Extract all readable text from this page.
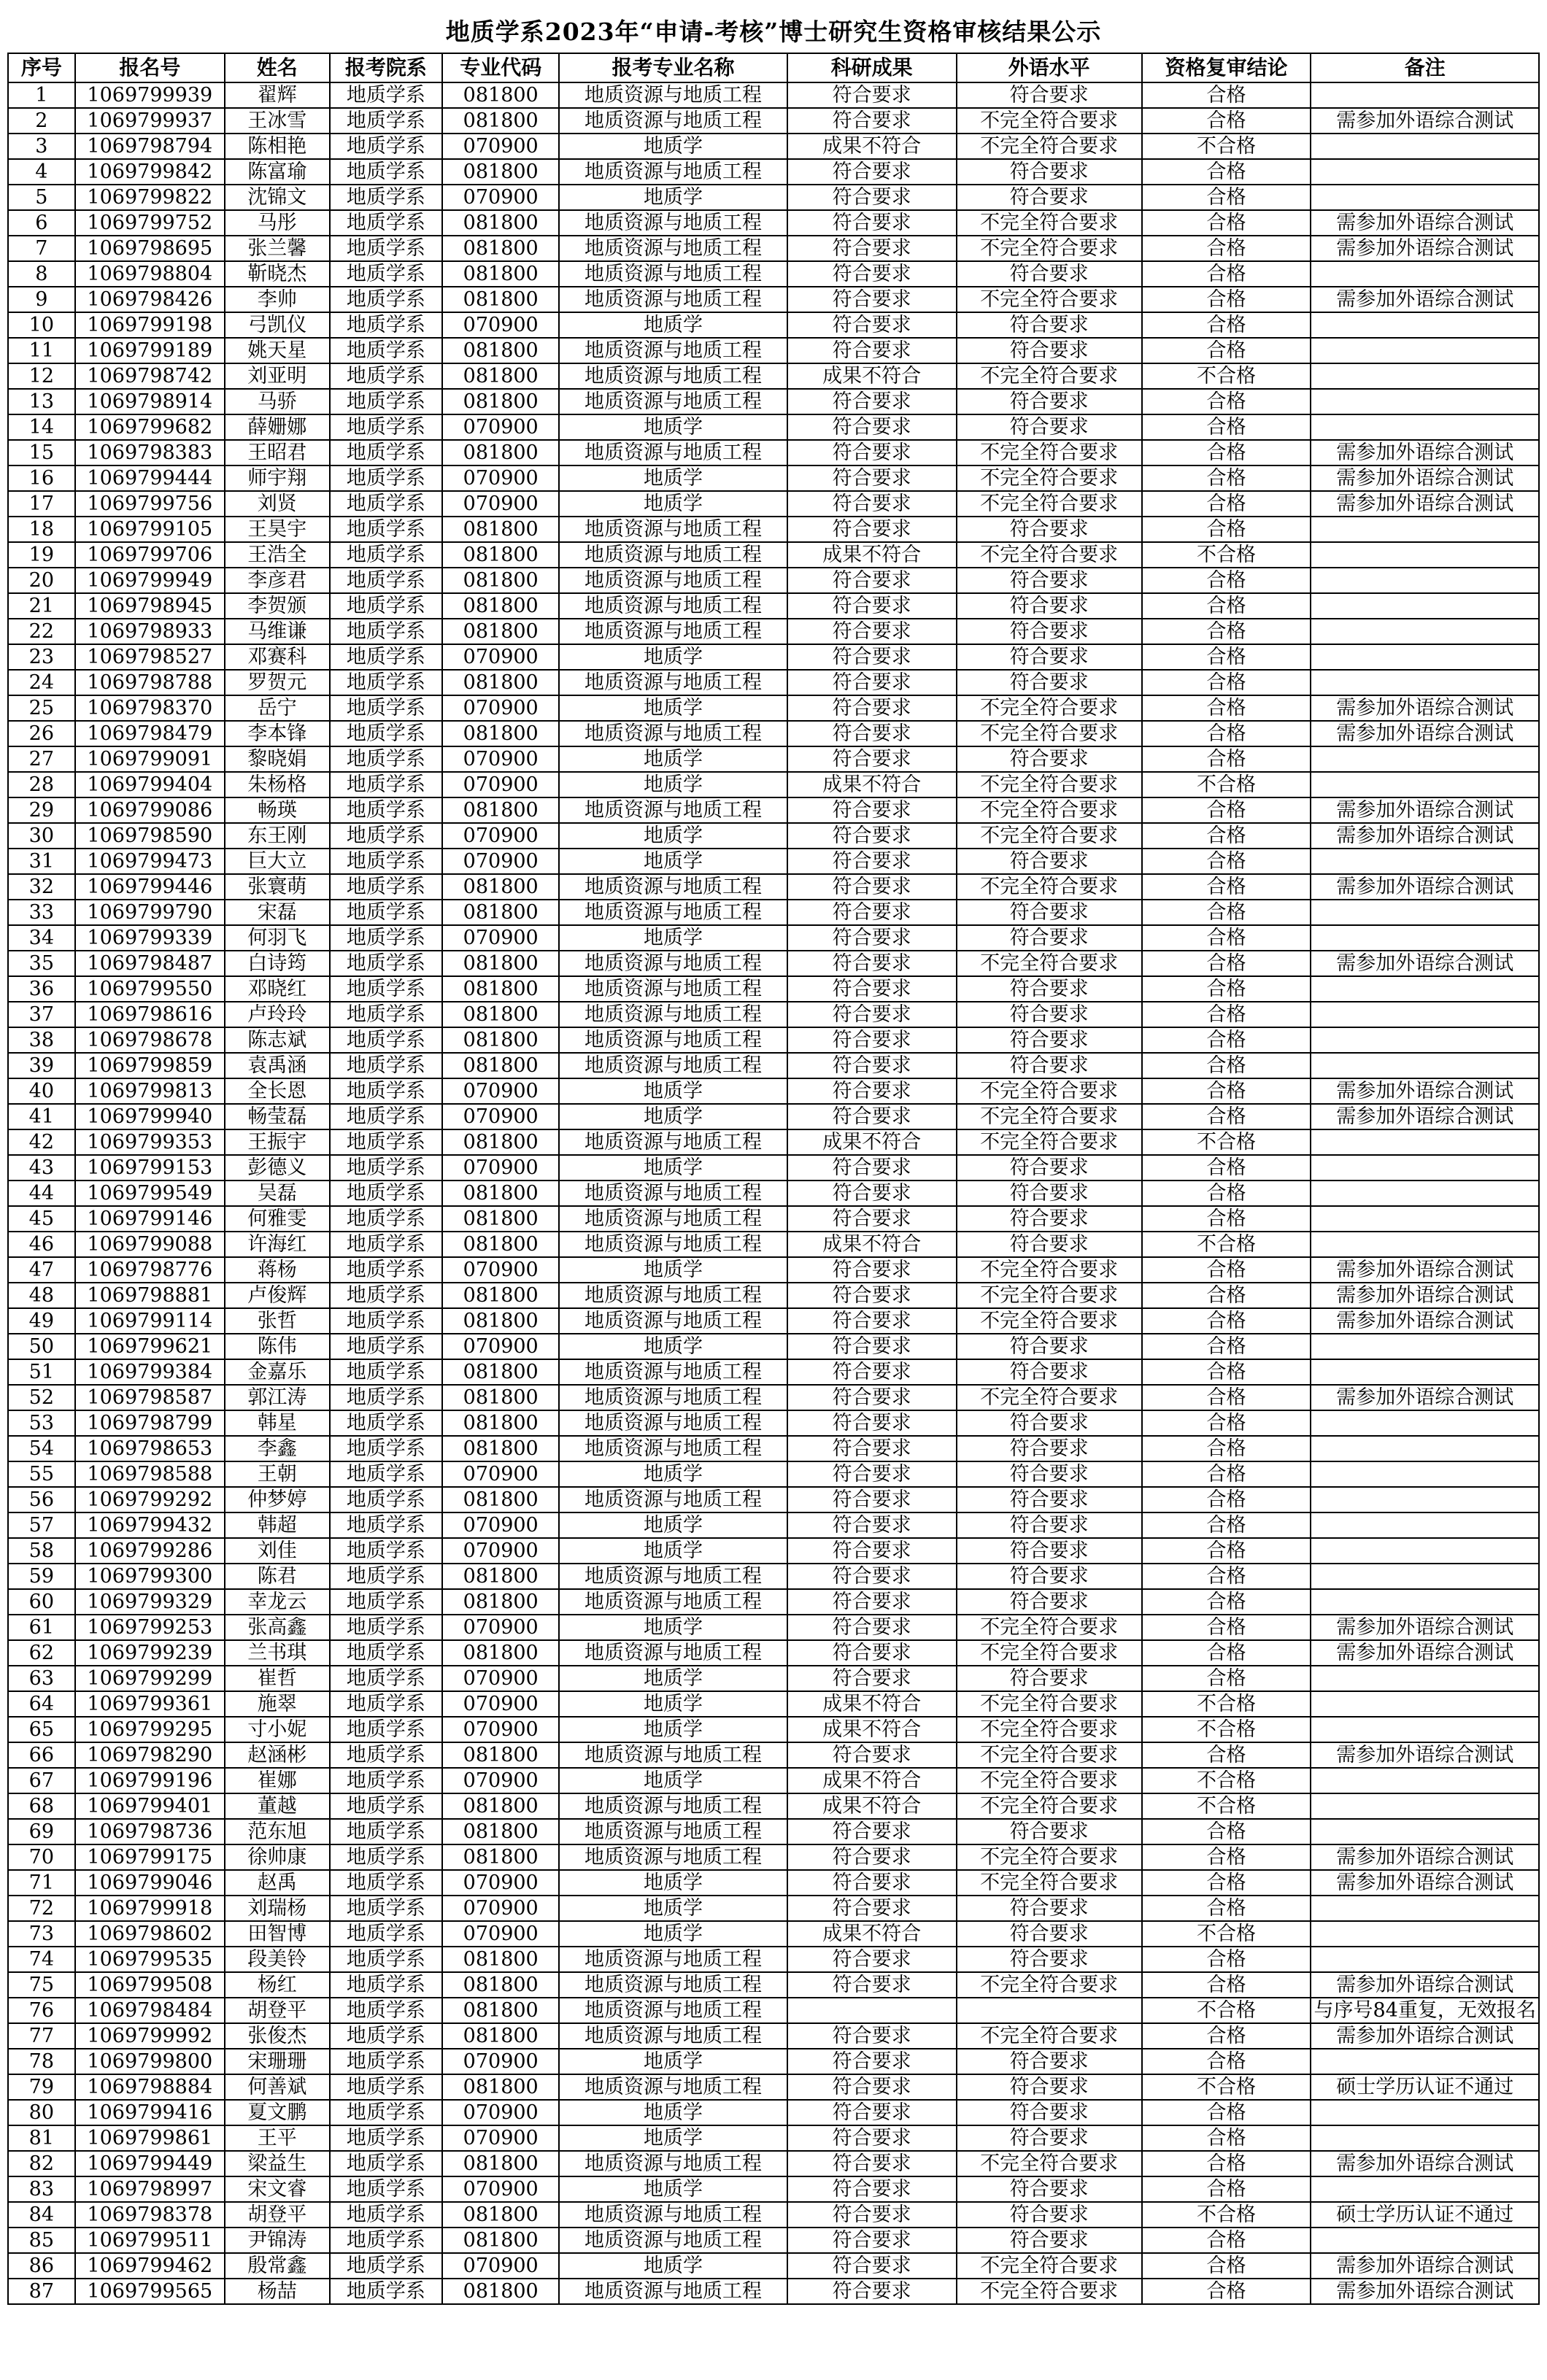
地质学系2023年“申请-考核”博士研究生资格审核结果公示
序号	报名号	姓名	报考院系	专业代码	报考专业名称	科研成果	外语水平	资格复审结论	备注
1	1069799939	翟辉	地质学系	081800	地质资源与地质工程	符合要求	符合要求	合格	
2	1069799937	王冰雪	地质学系	081800	地质资源与地质工程	符合要求	不完全符合要求	合格	需参加外语综合测试
3	1069798794	陈相艳	地质学系	070900	地质学	成果不符合	不完全符合要求	不合格	
4	1069799842	陈富瑜	地质学系	081800	地质资源与地质工程	符合要求	符合要求	合格	
5	1069799822	沈锦文	地质学系	070900	地质学	符合要求	符合要求	合格	
6	1069799752	马彤	地质学系	081800	地质资源与地质工程	符合要求	不完全符合要求	合格	需参加外语综合测试
7	1069798695	张兰馨	地质学系	081800	地质资源与地质工程	符合要求	不完全符合要求	合格	需参加外语综合测试
8	1069798804	靳晓杰	地质学系	081800	地质资源与地质工程	符合要求	符合要求	合格	
9	1069798426	李帅	地质学系	081800	地质资源与地质工程	符合要求	不完全符合要求	合格	需参加外语综合测试
10	1069799198	弓凯仪	地质学系	070900	地质学	符合要求	符合要求	合格	
11	1069799189	姚天星	地质学系	081800	地质资源与地质工程	符合要求	符合要求	合格	
12	1069798742	刘亚明	地质学系	081800	地质资源与地质工程	成果不符合	不完全符合要求	不合格	
13	1069798914	马骄	地质学系	081800	地质资源与地质工程	符合要求	符合要求	合格	
14	1069799682	薛姗娜	地质学系	070900	地质学	符合要求	符合要求	合格	
15	1069798383	王昭君	地质学系	081800	地质资源与地质工程	符合要求	不完全符合要求	合格	需参加外语综合测试
16	1069799444	师宇翔	地质学系	070900	地质学	符合要求	不完全符合要求	合格	需参加外语综合测试
17	1069799756	刘贤	地质学系	070900	地质学	符合要求	不完全符合要求	合格	需参加外语综合测试
18	1069799105	王昊宇	地质学系	081800	地质资源与地质工程	符合要求	符合要求	合格	
19	1069799706	王浩全	地质学系	081800	地质资源与地质工程	成果不符合	不完全符合要求	不合格	
20	1069799949	李彦君	地质学系	081800	地质资源与地质工程	符合要求	符合要求	合格	
21	1069798945	李贺颁	地质学系	081800	地质资源与地质工程	符合要求	符合要求	合格	
22	1069798933	马维谦	地质学系	081800	地质资源与地质工程	符合要求	符合要求	合格	
23	1069798527	邓赛科	地质学系	070900	地质学	符合要求	符合要求	合格	
24	1069798788	罗贺元	地质学系	081800	地质资源与地质工程	符合要求	符合要求	合格	
25	1069798370	岳宁	地质学系	070900	地质学	符合要求	不完全符合要求	合格	需参加外语综合测试
26	1069798479	李本锋	地质学系	081800	地质资源与地质工程	符合要求	不完全符合要求	合格	需参加外语综合测试
27	1069799091	黎晓娟	地质学系	070900	地质学	符合要求	符合要求	合格	
28	1069799404	朱杨格	地质学系	070900	地质学	成果不符合	不完全符合要求	不合格	
29	1069799086	畅瑛	地质学系	081800	地质资源与地质工程	符合要求	不完全符合要求	合格	需参加外语综合测试
30	1069798590	东王刚	地质学系	070900	地质学	符合要求	不完全符合要求	合格	需参加外语综合测试
31	1069799473	巨大立	地质学系	070900	地质学	符合要求	符合要求	合格	
32	1069799446	张寰萌	地质学系	081800	地质资源与地质工程	符合要求	不完全符合要求	合格	需参加外语综合测试
33	1069799790	宋磊	地质学系	081800	地质资源与地质工程	符合要求	符合要求	合格	
34	1069799339	何羽飞	地质学系	070900	地质学	符合要求	符合要求	合格	
35	1069798487	白诗筠	地质学系	081800	地质资源与地质工程	符合要求	不完全符合要求	合格	需参加外语综合测试
36	1069799550	邓晓红	地质学系	081800	地质资源与地质工程	符合要求	符合要求	合格	
37	1069798616	卢玲玲	地质学系	081800	地质资源与地质工程	符合要求	符合要求	合格	
38	1069798678	陈志斌	地质学系	081800	地质资源与地质工程	符合要求	符合要求	合格	
39	1069799859	袁禹涵	地质学系	081800	地质资源与地质工程	符合要求	符合要求	合格	
40	1069799813	全长恩	地质学系	070900	地质学	符合要求	不完全符合要求	合格	需参加外语综合测试
41	1069799940	畅莹磊	地质学系	070900	地质学	符合要求	不完全符合要求	合格	需参加外语综合测试
42	1069799353	王振宇	地质学系	081800	地质资源与地质工程	成果不符合	不完全符合要求	不合格	
43	1069799153	彭德义	地质学系	070900	地质学	符合要求	符合要求	合格	
44	1069799549	吴磊	地质学系	081800	地质资源与地质工程	符合要求	符合要求	合格	
45	1069799146	何雅雯	地质学系	081800	地质资源与地质工程	符合要求	符合要求	合格	
46	1069799088	许海红	地质学系	081800	地质资源与地质工程	成果不符合	符合要求	不合格	
47	1069798776	蒋杨	地质学系	070900	地质学	符合要求	不完全符合要求	合格	需参加外语综合测试
48	1069798881	卢俊辉	地质学系	081800	地质资源与地质工程	符合要求	不完全符合要求	合格	需参加外语综合测试
49	1069799114	张哲	地质学系	081800	地质资源与地质工程	符合要求	不完全符合要求	合格	需参加外语综合测试
50	1069799621	陈伟	地质学系	070900	地质学	符合要求	符合要求	合格	
51	1069799384	金嘉乐	地质学系	081800	地质资源与地质工程	符合要求	符合要求	合格	
52	1069798587	郭江涛	地质学系	081800	地质资源与地质工程	符合要求	不完全符合要求	合格	需参加外语综合测试
53	1069798799	韩星	地质学系	081800	地质资源与地质工程	符合要求	符合要求	合格	
54	1069798653	李鑫	地质学系	081800	地质资源与地质工程	符合要求	符合要求	合格	
55	1069798588	王朝	地质学系	070900	地质学	符合要求	符合要求	合格	
56	1069799292	仲梦婷	地质学系	081800	地质资源与地质工程	符合要求	符合要求	合格	
57	1069799432	韩超	地质学系	070900	地质学	符合要求	符合要求	合格	
58	1069799286	刘佳	地质学系	070900	地质学	符合要求	符合要求	合格	
59	1069799300	陈君	地质学系	081800	地质资源与地质工程	符合要求	符合要求	合格	
60	1069799329	幸龙云	地质学系	081800	地质资源与地质工程	符合要求	符合要求	合格	
61	1069799253	张高鑫	地质学系	070900	地质学	符合要求	不完全符合要求	合格	需参加外语综合测试
62	1069799239	兰书琪	地质学系	081800	地质资源与地质工程	符合要求	不完全符合要求	合格	需参加外语综合测试
63	1069799299	崔哲	地质学系	070900	地质学	符合要求	符合要求	合格	
64	1069799361	施翠	地质学系	070900	地质学	成果不符合	不完全符合要求	不合格	
65	1069799295	寸小妮	地质学系	070900	地质学	成果不符合	不完全符合要求	不合格	
66	1069798290	赵涵彬	地质学系	081800	地质资源与地质工程	符合要求	不完全符合要求	合格	需参加外语综合测试
67	1069799196	崔娜	地质学系	070900	地质学	成果不符合	不完全符合要求	不合格	
68	1069799401	董越	地质学系	081800	地质资源与地质工程	成果不符合	不完全符合要求	不合格	
69	1069798736	范东旭	地质学系	081800	地质资源与地质工程	符合要求	符合要求	合格	
70	1069799175	徐帅康	地质学系	081800	地质资源与地质工程	符合要求	不完全符合要求	合格	需参加外语综合测试
71	1069799046	赵禹	地质学系	070900	地质学	符合要求	不完全符合要求	合格	需参加外语综合测试
72	1069799918	刘瑞杨	地质学系	070900	地质学	符合要求	符合要求	合格	
73	1069798602	田智博	地质学系	070900	地质学	成果不符合	符合要求	不合格	
74	1069799535	段美铃	地质学系	081800	地质资源与地质工程	符合要求	符合要求	合格	
75	1069799508	杨红	地质学系	081800	地质资源与地质工程	符合要求	不完全符合要求	合格	需参加外语综合测试
76	1069798484	胡登平	地质学系	081800	地质资源与地质工程			不合格	与序号84重复，无效报名
77	1069799992	张俊杰	地质学系	081800	地质资源与地质工程	符合要求	不完全符合要求	合格	需参加外语综合测试
78	1069799800	宋珊珊	地质学系	070900	地质学	符合要求	符合要求	合格	
79	1069798884	何善斌	地质学系	081800	地质资源与地质工程	符合要求	符合要求	不合格	硕士学历认证不通过
80	1069799416	夏文鹏	地质学系	070900	地质学	符合要求	符合要求	合格	
81	1069799861	王平	地质学系	070900	地质学	符合要求	符合要求	合格	
82	1069799449	梁益生	地质学系	081800	地质资源与地质工程	符合要求	不完全符合要求	合格	需参加外语综合测试
83	1069798997	宋文睿	地质学系	070900	地质学	符合要求	符合要求	合格	
84	1069798378	胡登平	地质学系	081800	地质资源与地质工程	符合要求	符合要求	不合格	硕士学历认证不通过
85	1069799511	尹锦涛	地质学系	081800	地质资源与地质工程	符合要求	符合要求	合格	
86	1069799462	殷常鑫	地质学系	070900	地质学	符合要求	不完全符合要求	合格	需参加外语综合测试
87	1069799565	杨喆	地质学系	081800	地质资源与地质工程	符合要求	不完全符合要求	合格	需参加外语综合测试
